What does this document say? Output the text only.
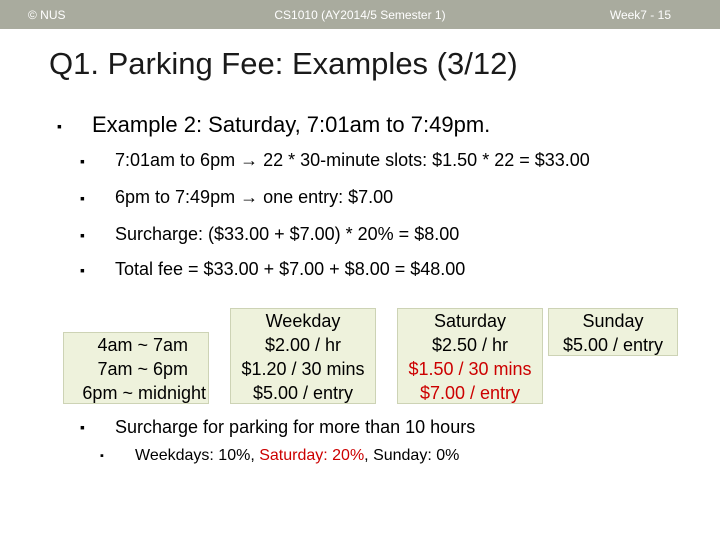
© NUS	CS1010 (AY2014/5 Semester 1)	Week7 - 15
Q1. Parking Fee: Examples (3/12)
▪ Example 2: Saturday, 7:01am to 7:49pm.
▪ 7:01am to 6pm → 22 * 30-minute slots: $1.50 * 22 = $33.00
▪ 6pm to 7:49pm → one entry: $7.00
▪ Surcharge: ($33.00 + $7.00) * 20% = $8.00
▪ Total fee = $33.00 + $7.00 + $8.00 = $48.00
4am ~ 7am
7am ~ 6pm
6pm ~ midnight
Weekday
$2.00 / hr
$1.20 / 30 mins
$5.00 / entry
Saturday
$2.50 / hr
$1.50 / 30 mins
$7.00 / entry
Sunday
$5.00 / entry
▪ Surcharge for parking for more than 10 hours
▪ Weekdays: 10%, Saturday: 20%, Sunday: 0%
